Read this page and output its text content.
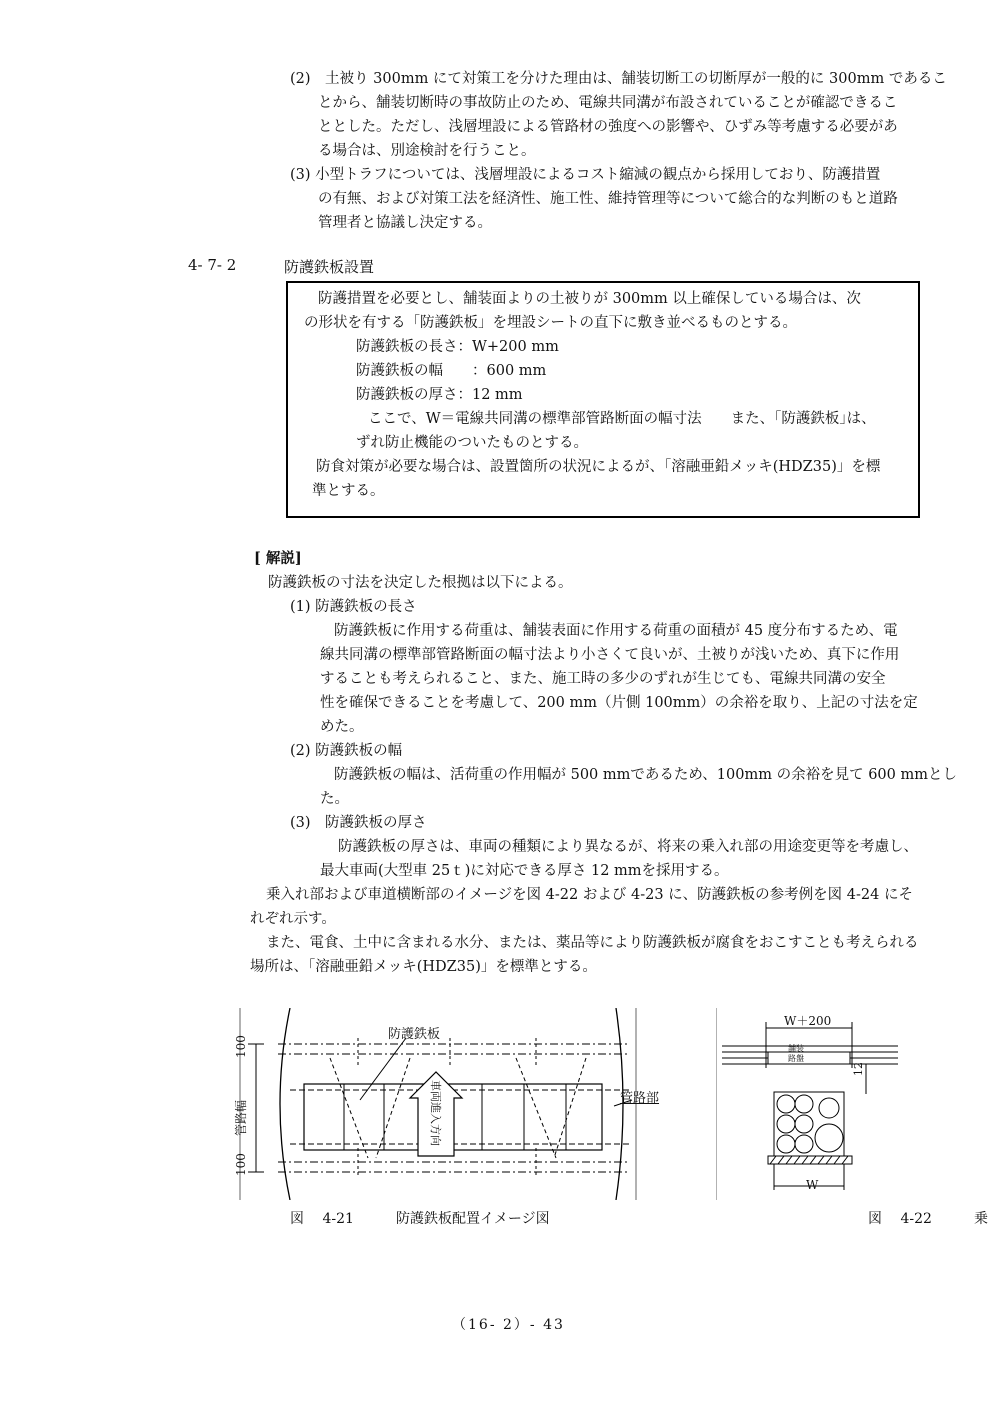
(2)　土被り 300mm にて対策工を分けた理由は、舗装切断工の切断厚が一般的に 300mm であるこ
とから、舗装切断時の事故防止のため、電線共同溝が布設されていることが確認できるこ
ととした。ただし、浅層埋設による管路材の強度への影響や、ひずみ等考慮する必要があ
る場合は、別途検討を行うこと。
(3) 小型トラフについては、浅層埋設によるコスト縮減の観点から採用しており、防護措置
の有無、および対策工法を経済性、施工性、維持管理等について総合的な判断のもと道路
管理者と協議し決定する。
4- 7- 2	防護鉄板設置
防護措置を必要とし、舗装面よりの土被りが 300mm 以上確保している場合は、次
の形状を有する「防護鉄板」を埋設シートの直下に敷き並べるものとする。
防護鉄板の長さ：W+200 mm
防護鉄板の幅　　：600 mm
防護鉄板の厚さ：12 mm
ここで、W＝電線共同溝の標準部管路断面の幅寸法　　また、｢防護鉄板｣は、
ずれ防止機能のついたものとする。
防食対策が必要な場合は、設置箇所の状況によるが、「溶融亜鉛メッキ(HDZ35)」を標
準とする。
[ 解説]
防護鉄板の寸法を決定した根拠は以下による。
(1) 防護鉄板の長さ
防護鉄板に作用する荷重は、舗装表面に作用する荷重の面積が 45 度分布するため、電
線共同溝の標準部管路断面の幅寸法より小さくて良いが、土被りが浅いため、真下に作用
することも考えられること、また、施工時の多少のずれが生じても、電線共同溝の安全
性を確保できることを考慮して、200 mm（片側 100mm）の余裕を取り、上記の寸法を定
めた。
(2) 防護鉄板の幅
防護鉄板の幅は、活荷重の作用幅が 500 mmであるため、100mm の余裕を見て 600 mmとし
た。
(3)　防護鉄板の厚さ
防護鉄板の厚さは、車両の種類により異なるが、将来の乗入れ部の用途変更等を考慮し、
最大車両(大型車 25ｔ)に対応できる厚さ 12 mmを採用する。
乗入れ部および車道横断部のイメージを図 4-22 および 4-23 に、防護鉄板の参考例を図 4-24 にそ
れぞれ示す。
また、電食、土中に含まれる水分、または、薬品等により防護鉄板が腐食をおこすことも考えられる
場所は、「溶融亜鉛メッキ(HDZ35)」を標準とする。
防護鉄板
管路部
100
管路幅
100
車両進入方向
図　 4-21	防護鉄板配置イメージ図
W＋200
舗装
路盤
12
W
図　 4-22	乗
（16- 2）- 43
